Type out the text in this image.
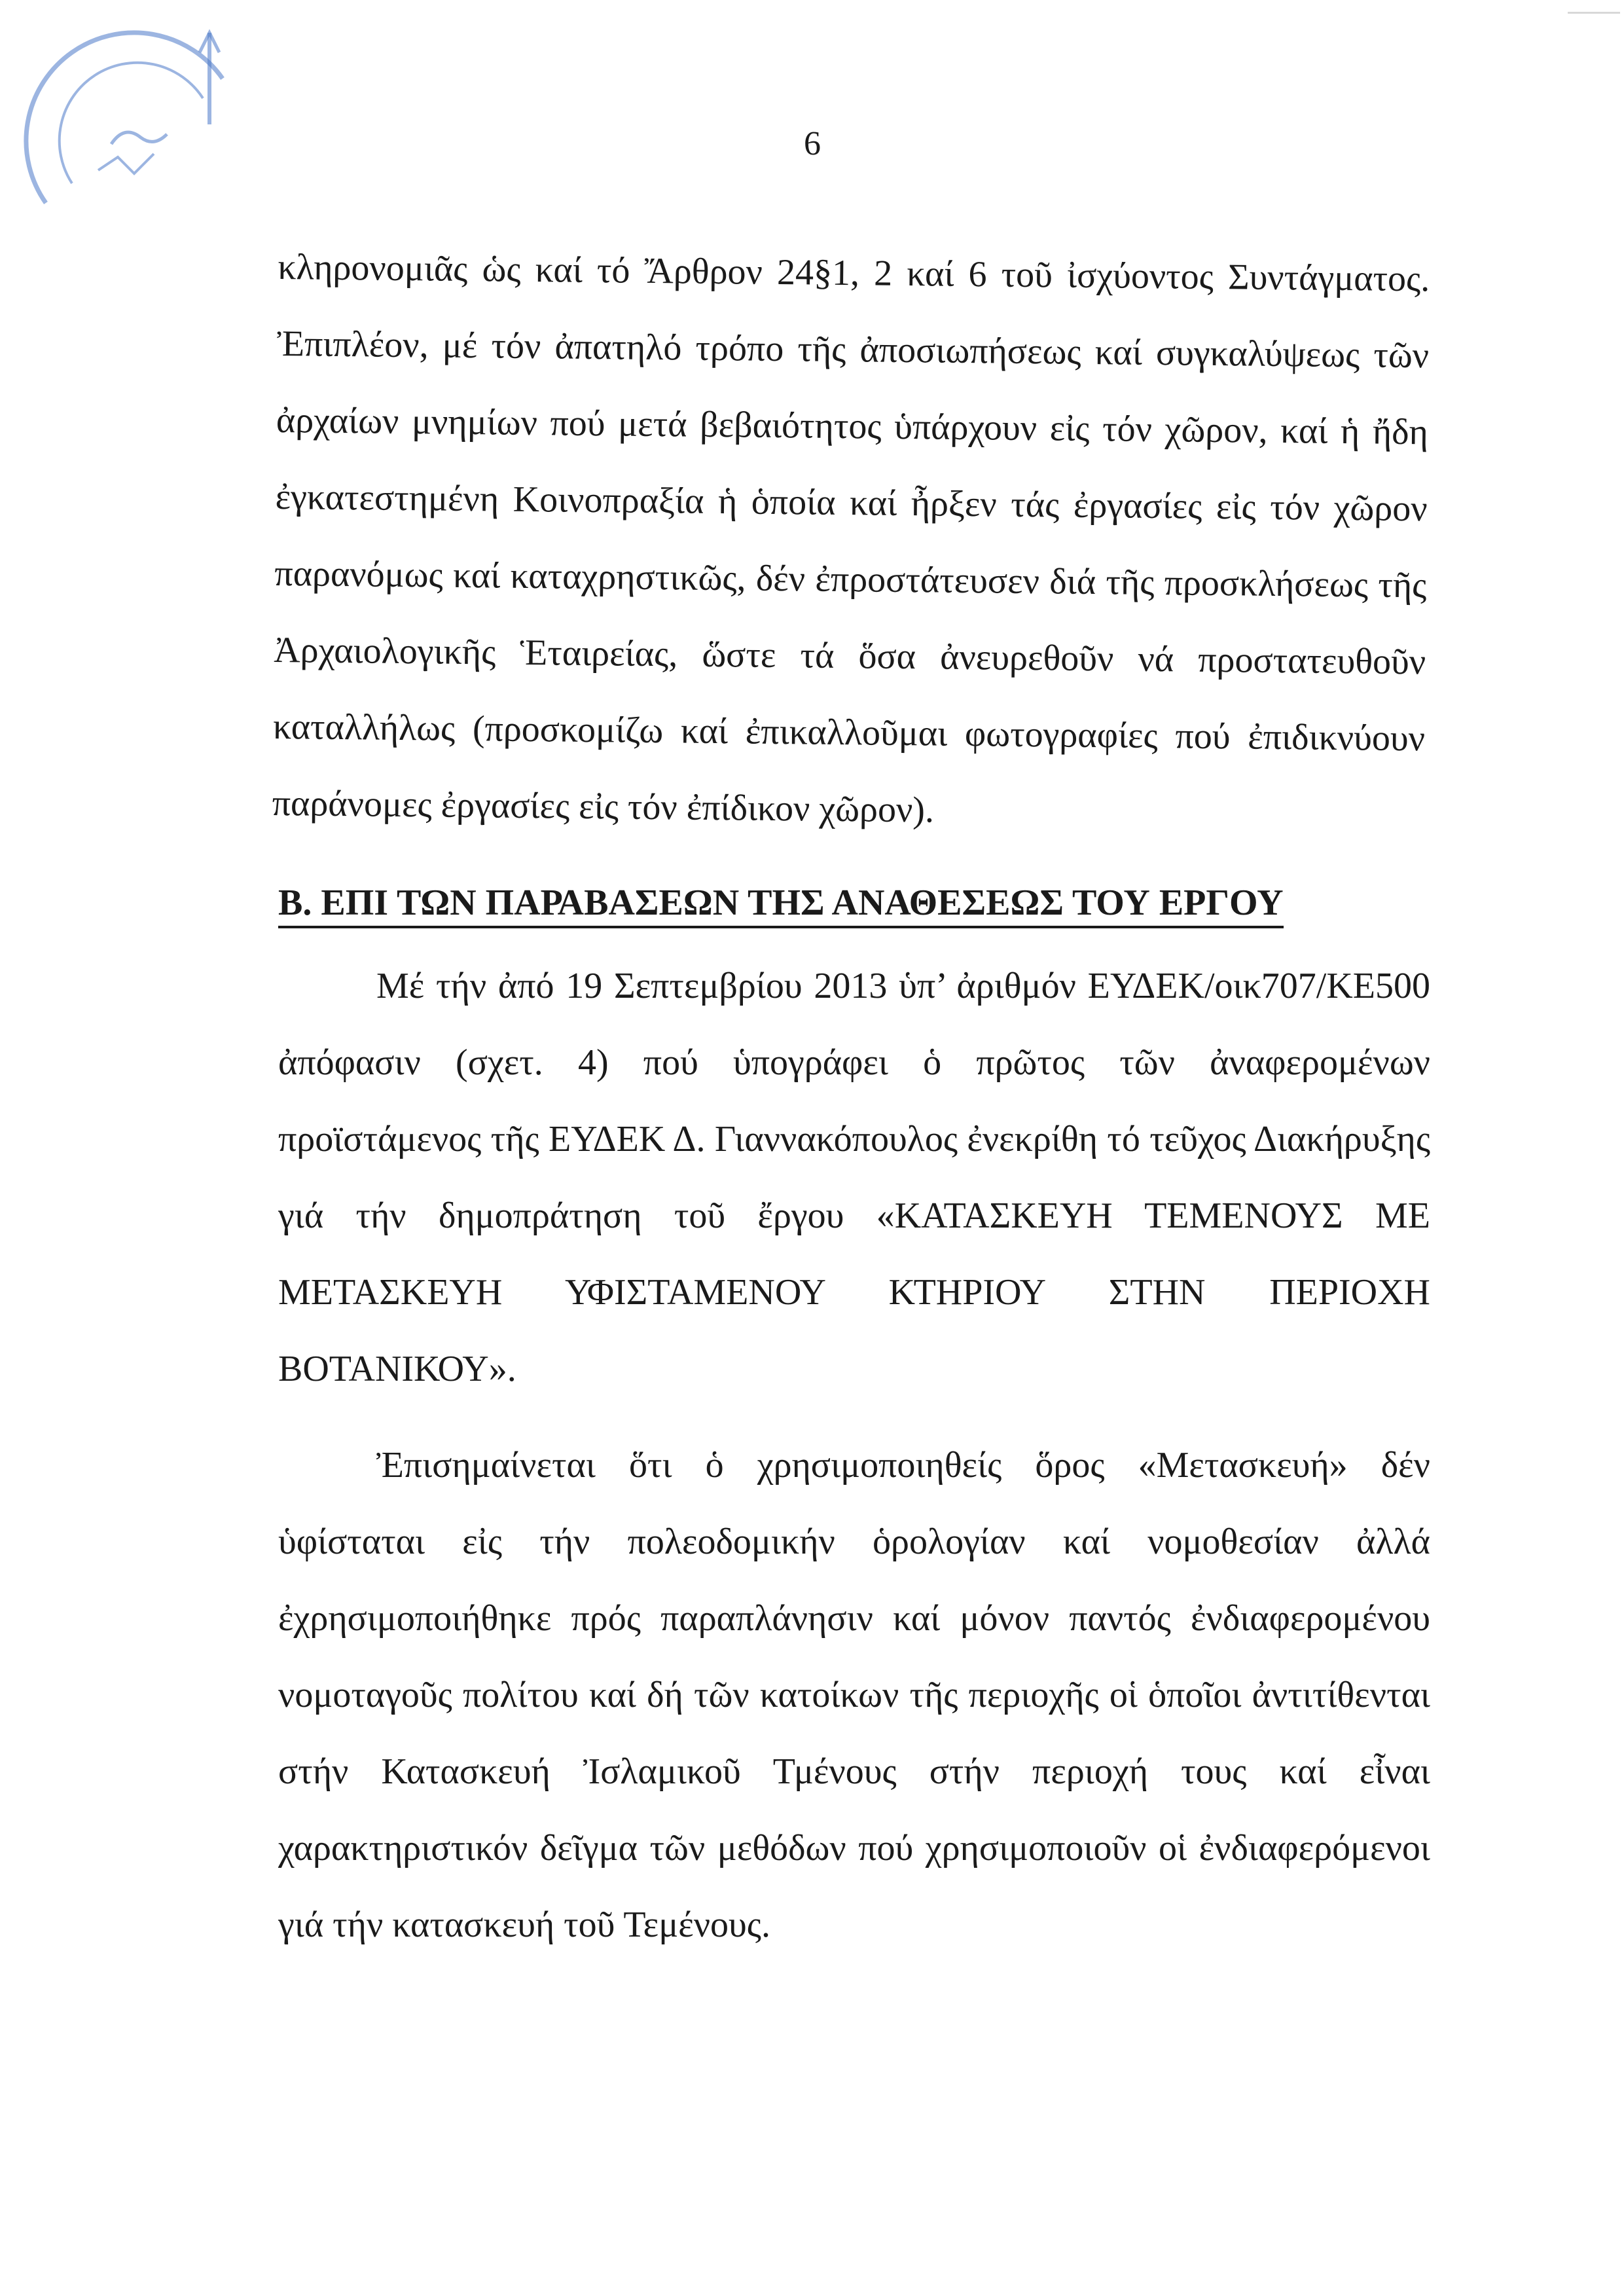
6

κληρονομιᾶς ὡς καί τό Ἄρθρον 24§1, 2 καί 6 τοῦ ἰσχύοντος Συντάγματος. Ἐπιπλέον, μέ τόν ἀπατηλό τρόπο τῆς ἀποσιωπήσεως καί συγκαλύψεως τῶν ἀρχαίων μνημίων πού μετά βεβαιότητος ὑπάρχουν εἰς τόν χῶρον, καί ἡ ἤδη ἐγκατεστημένη Κοινοπραξία ἡ ὁποία καί ἦρξεν τάς ἐργασίες εἰς τόν χῶρον παρανόμως καί καταχρηστικῶς, δέν ἐπροστάτευσεν διά τῆς προσκλήσεως τῆς Ἀρχαιολογικῆς Ἑταιρείας, ὥστε τά ὅσα ἀνευρεθοῦν νά προστατευθοῦν καταλλήλως (προσκομίζω καί ἐπικαλλοῦμαι φωτογραφίες πού ἐπιδικνύουν παράνομες ἐργασίες εἰς τόν ἐπίδικον χῶρον).

Β. ΕΠΙ ΤΩΝ ΠΑΡΑΒΑΣΕΩΝ ΤΗΣ ΑΝΑΘΕΣΕΩΣ ΤΟΥ ΕΡΓΟΥ

Μέ τήν ἀπό 19 Σεπτεμβρίου 2013 ὑπ’ ἀριθμόν ΕΥΔΕΚ/οικ707/ΚΕ500 ἀπόφασιν (σχετ. 4) πού ὑπογράφει ὁ πρῶτος τῶν ἀναφερομένων προϊστάμενος τῆς ΕΥΔΕΚ Δ. Γιαννακόπουλος ἐνεκρίθη τό τεῦχος Διακήρυξης γιά τήν δημοπράτηση τοῦ ἔργου «ΚΑΤΑΣΚΕΥΗ ΤΕΜΕΝΟΥΣ ΜΕ ΜΕΤΑΣΚΕΥΗ ΥΦΙΣΤΑΜΕΝΟΥ ΚΤΗΡΙΟΥ ΣΤΗΝ ΠΕΡΙΟΧΗ ΒΟΤΑΝΙΚΟΥ».

Ἐπισημαίνεται ὅτι ὁ χρησιμοποιηθείς ὅρος «Μετασκευή» δέν ὑφίσταται εἰς τήν πολεοδομικήν ὁρολογίαν καί νομοθεσίαν ἀλλά ἐχρησιμοποιήθηκε πρός παραπλάνησιν καί μόνον παντός ἐνδιαφερομένου νομοταγοῦς πολίτου καί δή τῶν κατοίκων τῆς περιοχῆς οἱ ὁποῖοι ἀντιτίθενται στήν Κατασκευή Ἰσλαμικοῦ Τμένους στήν περιοχή τους καί εἶναι χαρακτηριστικόν δεῖγμα τῶν μεθόδων πού χρησιμοποιοῦν οἱ ἐνδιαφερόμενοι γιά τήν κατασκευή τοῦ Τεμένους.
